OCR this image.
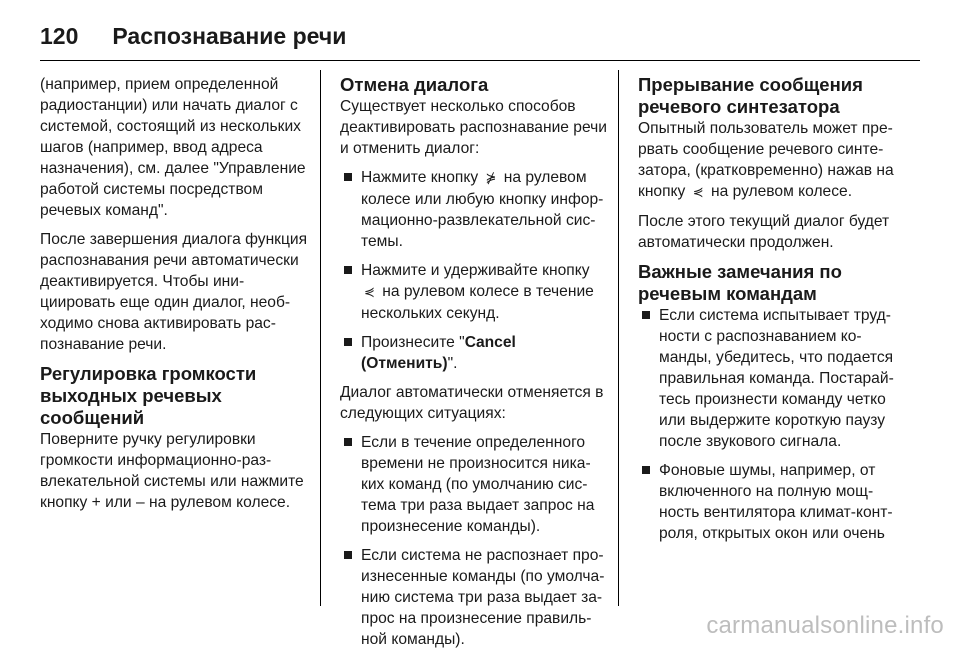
120 Распознавание речи

(например, прием определенной радиостанции) или начать диалог с системой, состоящий из нескольких шагов (например, ввод адреса назначения), см. далее "Управление работой системы посредством речевых команд".

После завершения диалога функция распознавания речи автоматически деактивируется. Чтобы инициировать еще один диалог, необходимо снова активировать распознавание речи.

Регулировка громкости выходных речевых сообщений

Поверните ручку регулировки громкости информационно-развлекательной системы или нажмите кнопку + или – на рулевом колесе.

Отмена диалога

Существует несколько способов деактивировать распознавание речи и отменить диалог:

Нажмите кнопку ⋡ на рулевом колесе или любую кнопку информационно-развлекательной системы.
Нажмите и удерживайте кнопку ⋞ на рулевом колесе в течение нескольких секунд.
Произнесите "Cancel (Отменить)".

Диалог автоматически отменяется в следующих ситуациях:

Если в течение определенного времени не произносится никаких команд (по умолчанию система три раза выдает запрос на произнесение команды).
Если система не распознает произнесенные команды (по умолчанию система три раза выдает запрос на произнесение правильной команды).
Прерывание сообщения речевого синтезатора

Опытный пользователь может прервать сообщение речевого синтезатора, (кратковременно) нажав на кнопку ⋞ на рулевом колесе.

После этого текущий диалог будет автоматически продолжен.

Важные замечания по речевым командам
Если система испытывает трудности с распознаванием команды, убедитесь, что подается правильная команда. Постарайтесь произнести команду четко или выдержите короткую паузу после звукового сигнала.
Фоновые шумы, например, от включенного на полную мощность вентилятора климат-контроля, открытых окон или очень
carmanualsonline.info
